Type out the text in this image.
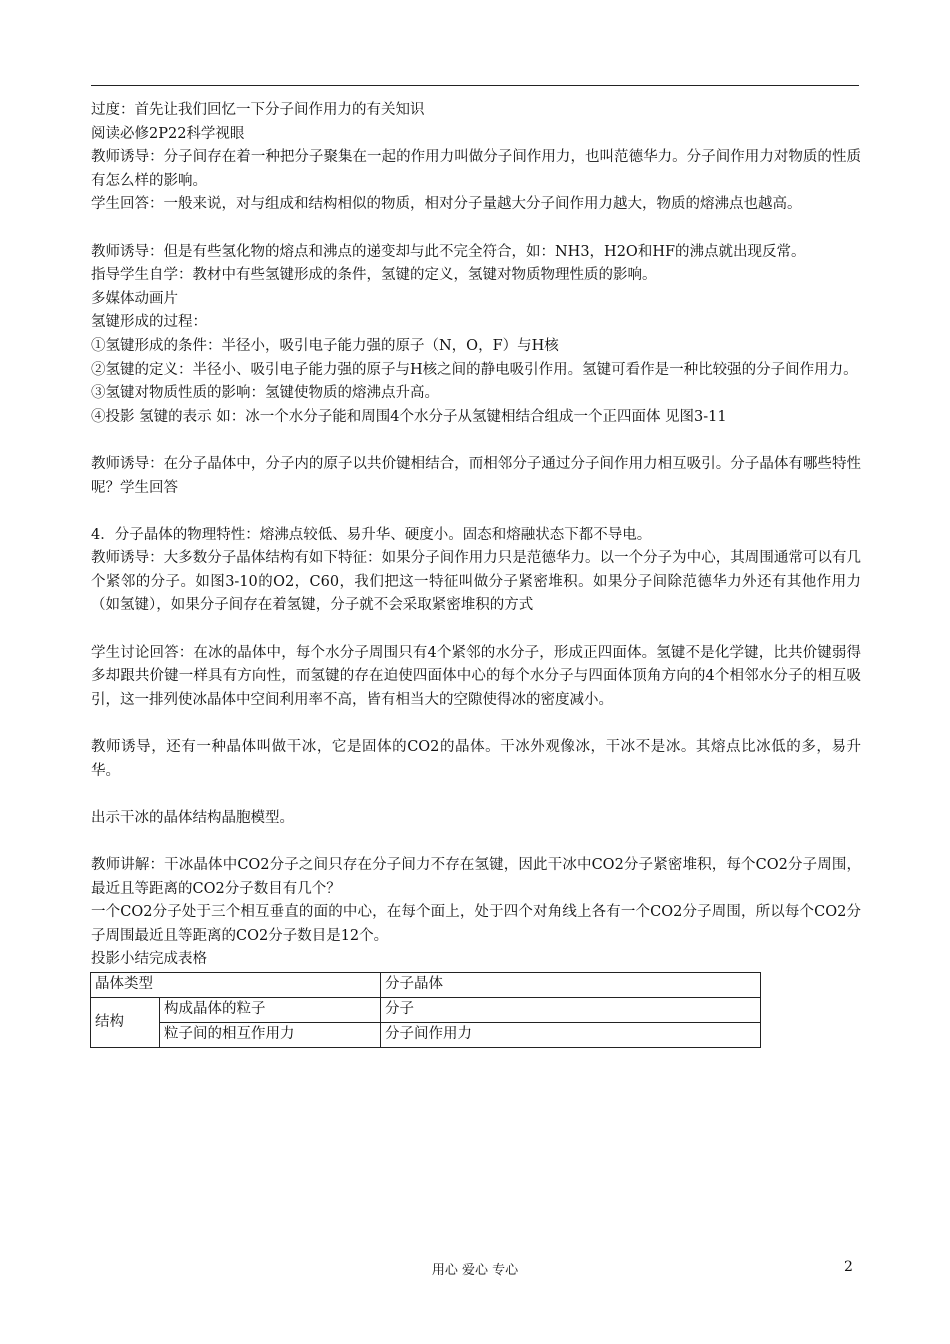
过度：首先让我们回忆一下分子间作用力的有关知识
阅读必修2P22科学视眼
教师诱导：分子间存在着一种把分子聚集在一起的作用力叫做分子间作用力，也叫范德华力。分子间作用力对物质的性质有怎么样的影响。
学生回答：一般来说，对与组成和结构相似的物质，相对分子量越大分子间作用力越大，物质的熔沸点也越高。
教师诱导：但是有些氢化物的熔点和沸点的递变却与此不完全符合，如：NH3，H2O和HF的沸点就出现反常。
指导学生自学：教材中有些氢键形成的条件，氢键的定义，氢键对物质物理性质的影响。
多媒体动画片
氢键形成的过程：
①氢键形成的条件：半径小，吸引电子能力强的原子（N，O，F）与H核
②氢键的定义：半径小、吸引电子能力强的原子与H核之间的静电吸引作用。氢键可看作是一种比较强的分子间作用力。
③氢键对物质性质的影响：氢键使物质的熔沸点升高。
④投影 氢键的表示 如：冰一个水分子能和周围4个水分子从氢键相结合组成一个正四面体 见图3-11
教师诱导：在分子晶体中，分子内的原子以共价键相结合，而相邻分子通过分子间作用力相互吸引。分子晶体有哪些特性呢？学生回答
4．分子晶体的物理特性：熔沸点较低、易升华、硬度小。固态和熔融状态下都不导电。
教师诱导：大多数分子晶体结构有如下特征：如果分子间作用力只是范德华力。以一个分子为中心，其周围通常可以有几个紧邻的分子。如图3-10的O2，C60，我们把这一特征叫做分子紧密堆积。如果分子间除范德华力外还有其他作用力（如氢键），如果分子间存在着氢键，分子就不会采取紧密堆积的方式
学生讨论回答：在冰的晶体中，每个水分子周围只有4个紧邻的水分子，形成正四面体。氢键不是化学键，比共价键弱得多却跟共价键一样具有方向性，而氢键的存在迫使四面体中心的每个水分子与四面体顶角方向的4个相邻水分子的相互吸引，这一排列使冰晶体中空间利用率不高，皆有相当大的空隙使得冰的密度减小。
教师诱导，还有一种晶体叫做干冰，它是固体的CO2的晶体。干冰外观像冰，干冰不是冰。其熔点比冰低的多，易升华。
出示干冰的晶体结构晶胞模型。
教师讲解：干冰晶体中CO2分子之间只存在分子间力不存在氢键，因此干冰中CO2分子紧密堆积，每个CO2分子周围，最近且等距离的CO2分子数目有几个？
一个CO2分子处于三个相互垂直的面的中心，在每个面上，处于四个对角线上各有一个CO2分子周围，所以每个CO2分子周围最近且等距离的CO2分子数目是12个。
投影小结完成表格
晶体类型		分子晶体
结构	构成晶体的粒子	分子
	粒子间的相互作用力	分子间作用力
用心 爱心 专心	2
